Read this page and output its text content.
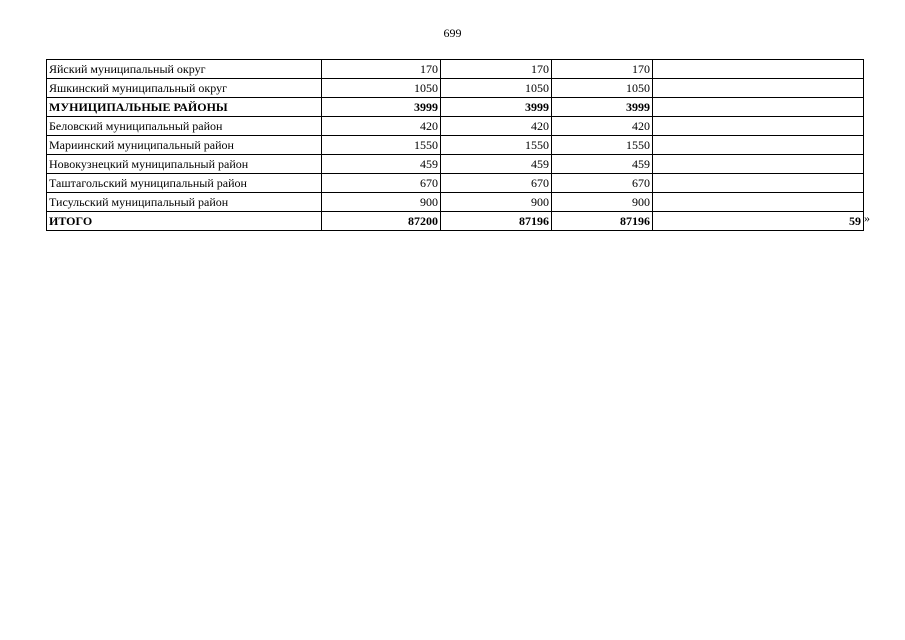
699
Яйский муниципальный округ	170	170	170	
Яшкинский муниципальный округ	1050	1050	1050	
МУНИЦИПАЛЬНЫЕ РАЙОНЫ	3999	3999	3999	
Беловский муниципальный район	420	420	420	
Мариинский муниципальный район	1550	1550	1550	
Новокузнецкий муниципальный район	459	459	459	
Таштагольский муниципальный район	670	670	670	
Тисульский муниципальный район	900	900	900	
ИТОГО	87200	87196	87196	59 »
